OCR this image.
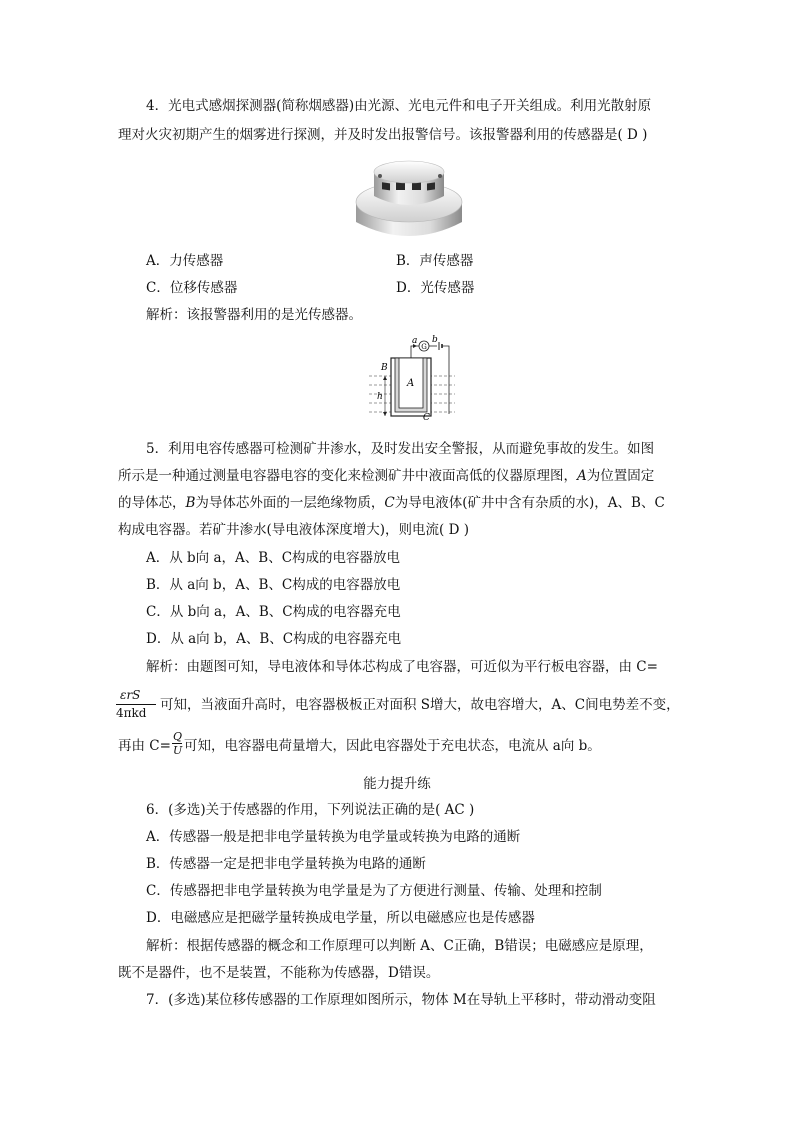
4．光电式感烟探测器(简称烟感器)由光源、光电元件和电子开关组成。利用光散射原
理对火灾初期产生的烟雾进行探测，并及时发出报警信号。该报警器利用的传感器是( D )
A．力传感器	B．声传感器
C．位移传感器	D．光传感器
解析：该报警器利用的是光传感器。
G
a b
A
B
C
h
5．利用电容传感器可检测矿井渗水，及时发出安全警报，从而避免事故的发生。如图
所示是一种通过测量电容器电容的变化来检测矿井中液面高低的仪器原理图，A为位置固定
的导体芯，B为导体芯外面的一层绝缘物质，C为导电液体(矿井中含有杂质的水)，A、B、C
构成电容器。若矿井渗水(导电液体深度增大)，则电流( D )
A．从 b向 a，A、B、C构成的电容器放电
B．从 a向 b，A、B、C构成的电容器放电
C．从 b向 a，A、B、C构成的电容器充电
D．从 a向 b，A、B、C构成的电容器充电
解析：由题图可知，导电液体和导体芯构成了电容器，可近似为平行板电容器，由 C=
εrS
4πkd 可知，当液面升高时，电容器极板正对面积 S增大，故电容增大，A、C间电势差不变，
再由 C=
Q
U 可知，电容器电荷量增大，因此电容器处于充电状态，电流从 a向 b。
能力提升练
6．(多选)关于传感器的作用，下列说法正确的是( AC )
A．传感器一般是把非电学量转换为电学量或转换为电路的通断
B．传感器一定是把非电学量转换为电路的通断
C．传感器把非电学量转换为电学量是为了方便进行测量、传输、处理和控制
D．电磁感应是把磁学量转换成电学量，所以电磁感应也是传感器
解析：根据传感器的概念和工作原理可以判断 A、C正确，B错误；电磁感应是原理，
既不是器件，也不是装置，不能称为传感器，D错误。
7．(多选)某位移传感器的工作原理如图所示，物体 M在导轨上平移时，带动滑动变阻
